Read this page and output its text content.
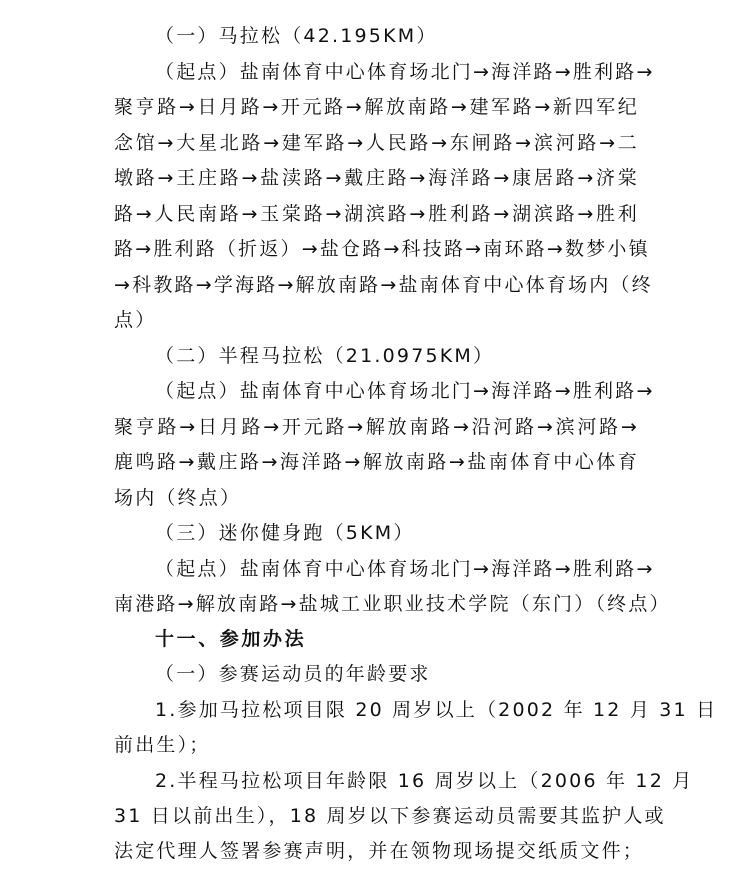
（一）马拉松（42.195KM）
（起点）盐南体育中心体育场北门→海洋路→胜利路→
聚亨路→日月路→开元路→解放南路→建军路→新四军纪
念馆→大星北路→建军路→人民路→东闸路→滨河路→二
墩路→王庄路→盐渎路→戴庄路→海洋路→康居路→济棠
路→人民南路→玉棠路→湖滨路→胜利路→湖滨路→胜利
路→胜利路（折返）→盐仓路→科技路→南环路→数梦小镇
→科教路→学海路→解放南路→盐南体育中心体育场内（终
点）
（二）半程马拉松（21.0975KM）
（起点）盐南体育中心体育场北门→海洋路→胜利路→
聚亨路→日月路→开元路→解放南路→沿河路→滨河路→
鹿鸣路→戴庄路→海洋路→解放南路→盐南体育中心体育
场内（终点）
（三）迷你健身跑（5KM）
（起点）盐南体育中心体育场北门→海洋路→胜利路→
南港路→解放南路→盐城工业职业技术学院（东门）（终点）
十一、参加办法
（一）参赛运动员的年龄要求
1.参加马拉松项目限 20 周岁以上（2002 年 12 月 31 日
前出生）；
2.半程马拉松项目年龄限 16 周岁以上（2006 年 12 月
31 日以前出生），18 周岁以下参赛运动员需要其监护人或
法定代理人签署参赛声明，并在领物现场提交纸质文件；
